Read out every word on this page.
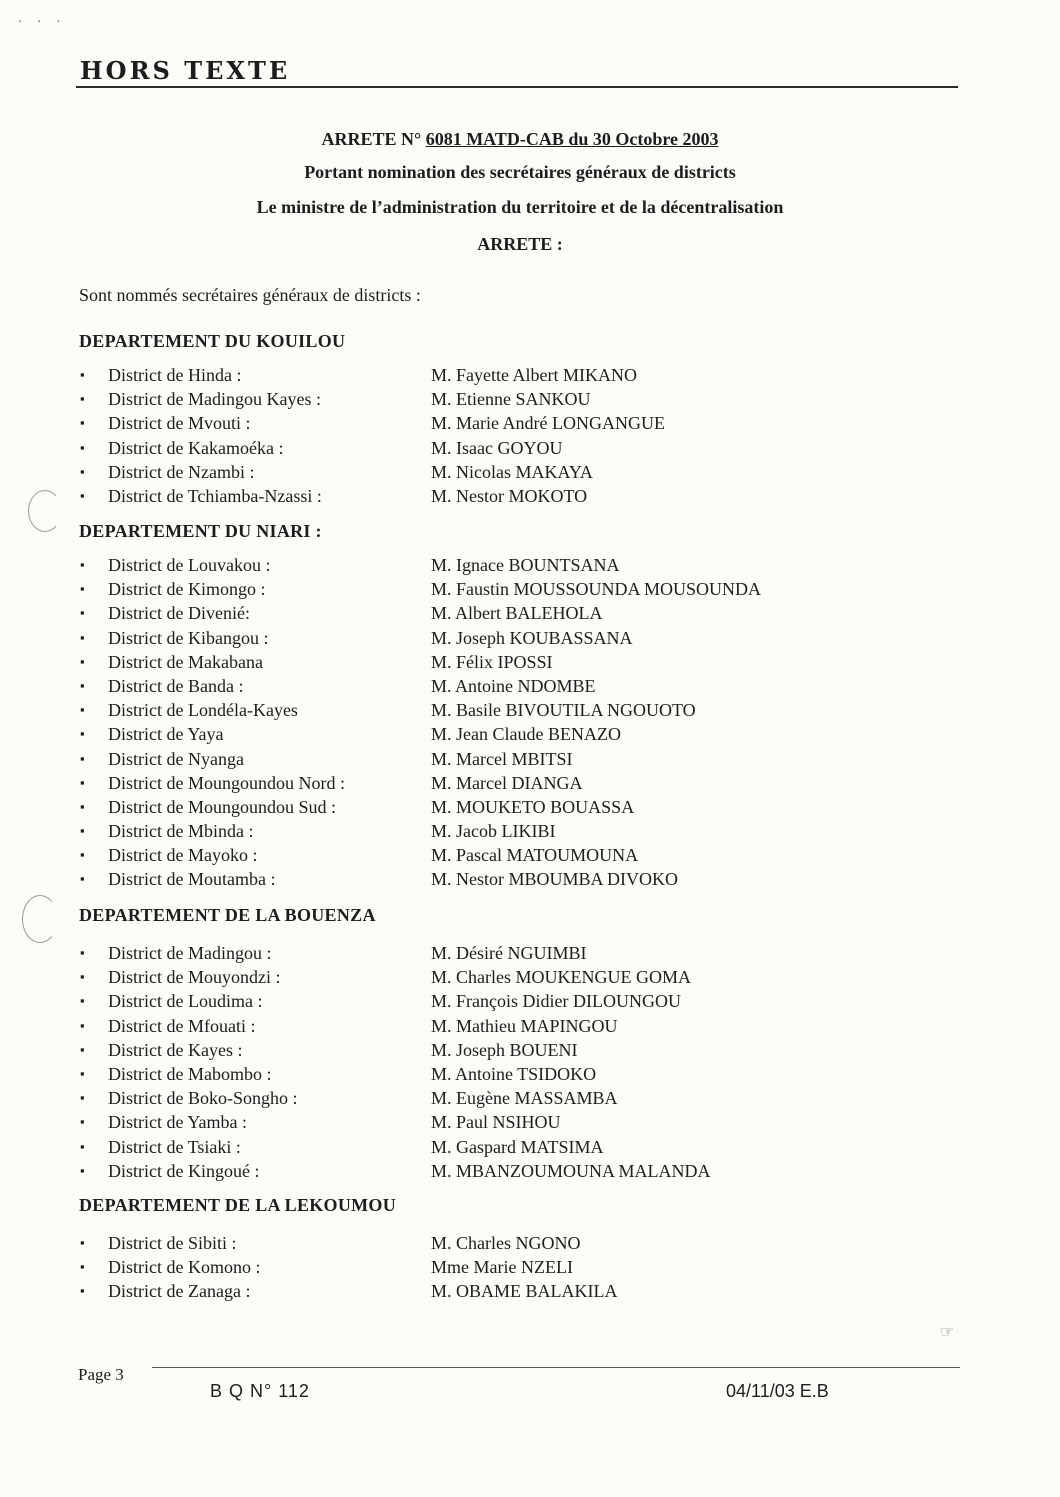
⸳ ⸳ ⸳
HORS TEXTE
ARRETE N° 6081 MATD-CAB du 30 Octobre 2003
Portant nomination des secrétaires généraux de districts
Le ministre de l’administration du territoire et de la décentralisation
ARRETE :
Sont nommés secrétaires généraux de districts :
DEPARTEMENT DU KOUILOU
▪ District de Hinda :	M. Fayette Albert MIKANO
▪ District de Madingou Kayes :	M. Etienne SANKOU
▪ District de Mvouti :	M. Marie André LONGANGUE
▪ District de Kakamoéka :	M. Isaac GOYOU
▪ District de Nzambi :	M. Nicolas MAKAYA
▪ District de Tchiamba-Nzassi :	M. Nestor MOKOTO
DEPARTEMENT DU NIARI :
▪ District de Louvakou :	M. Ignace BOUNTSANA
▪ District de Kimongo :	M. Faustin MOUSSOUNDA MOUSOUNDA
▪ District de Divenié:	M. Albert BALEHOLA
▪ District de Kibangou :	M. Joseph KOUBASSANA
▪ District de Makabana	M. Félix IPOSSI
▪ District de Banda :	M. Antoine NDOMBE
▪ District de Londéla-Kayes	M. Basile BIVOUTILA NGOUOTO
▪ District de Yaya	M. Jean Claude BENAZO
▪ District de Nyanga	M. Marcel MBITSI
▪ District de Moungoundou Nord :	M. Marcel DIANGA
▪ District de Moungoundou Sud :	M. MOUKETO BOUASSA
▪ District de Mbinda :	M. Jacob LIKIBI
▪ District de Mayoko :	M. Pascal MATOUMOUNA
▪ District de Moutamba :	M. Nestor MBOUMBA DIVOKO
DEPARTEMENT DE LA BOUENZA
▪ District de Madingou :	M. Désiré NGUIMBI
▪ District de Mouyondzi :	M. Charles MOUKENGUE GOMA
▪ District de Loudima :	M. François Didier DILOUNGOU
▪ District de Mfouati :	M. Mathieu MAPINGOU
▪ District de Kayes :	M. Joseph BOUENI
▪ District de Mabombo :	M. Antoine TSIDOKO
▪ District de Boko-Songho :	M. Eugène MASSAMBA
▪ District de Yamba :	M. Paul NSIHOU
▪ District de Tsiaki :	M. Gaspard MATSIMA
▪ District de Kingoué :	M. MBANZOUMOUNA MALANDA
DEPARTEMENT DE LA LEKOUMOU
▪ District de Sibiti :	M. Charles NGONO
▪ District de Komono :	Mme Marie NZELI
▪ District de Zanaga :	M. OBAME BALAKILA
☞
Page 3
B Q N° 112	04/11/03 E.B
